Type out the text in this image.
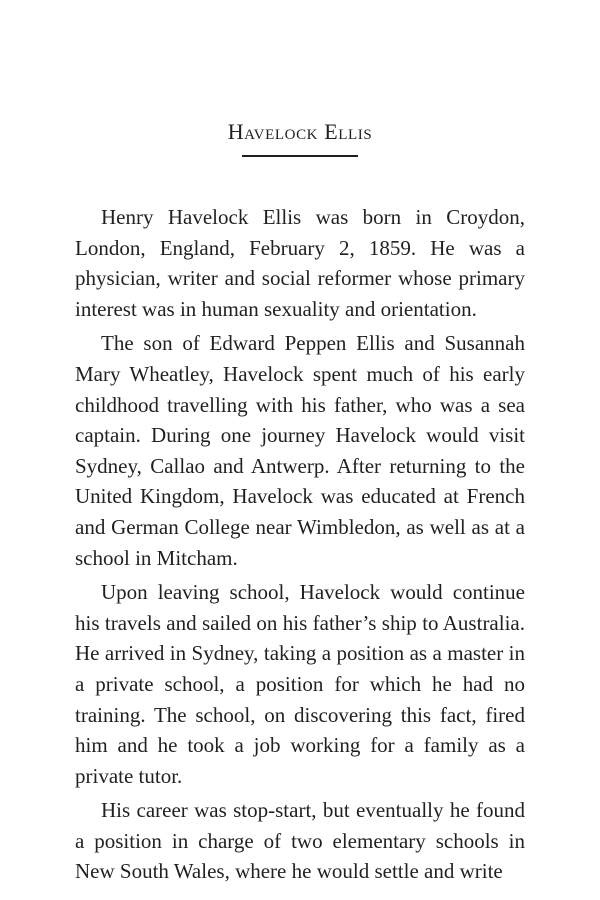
Havelock Ellis

Henry Havelock Ellis was born in Croydon, London, England, February 2, 1859. He was a physician, writer and social reformer whose primary interest was in human sexuality and orientation.

The son of Edward Peppen Ellis and Susannah Mary Wheatley, Havelock spent much of his early childhood travelling with his father, who was a sea captain. During one journey Havelock would visit Sydney, Callao and Antwerp. After returning to the United Kingdom, Havelock was educated at French and German College near Wimbledon, as well as at a school in Mitcham.

Upon leaving school, Havelock would continue his travels and sailed on his father’s ship to Australia. He arrived in Sydney, taking a position as a master in a private school, a position for which he had no training. The school, on discovering this fact, fired him and he took a job working for a family as a private tutor.

His career was stop-start, but eventually he found a position in charge of two elementary schools in New South Wales, where he would settle and write
